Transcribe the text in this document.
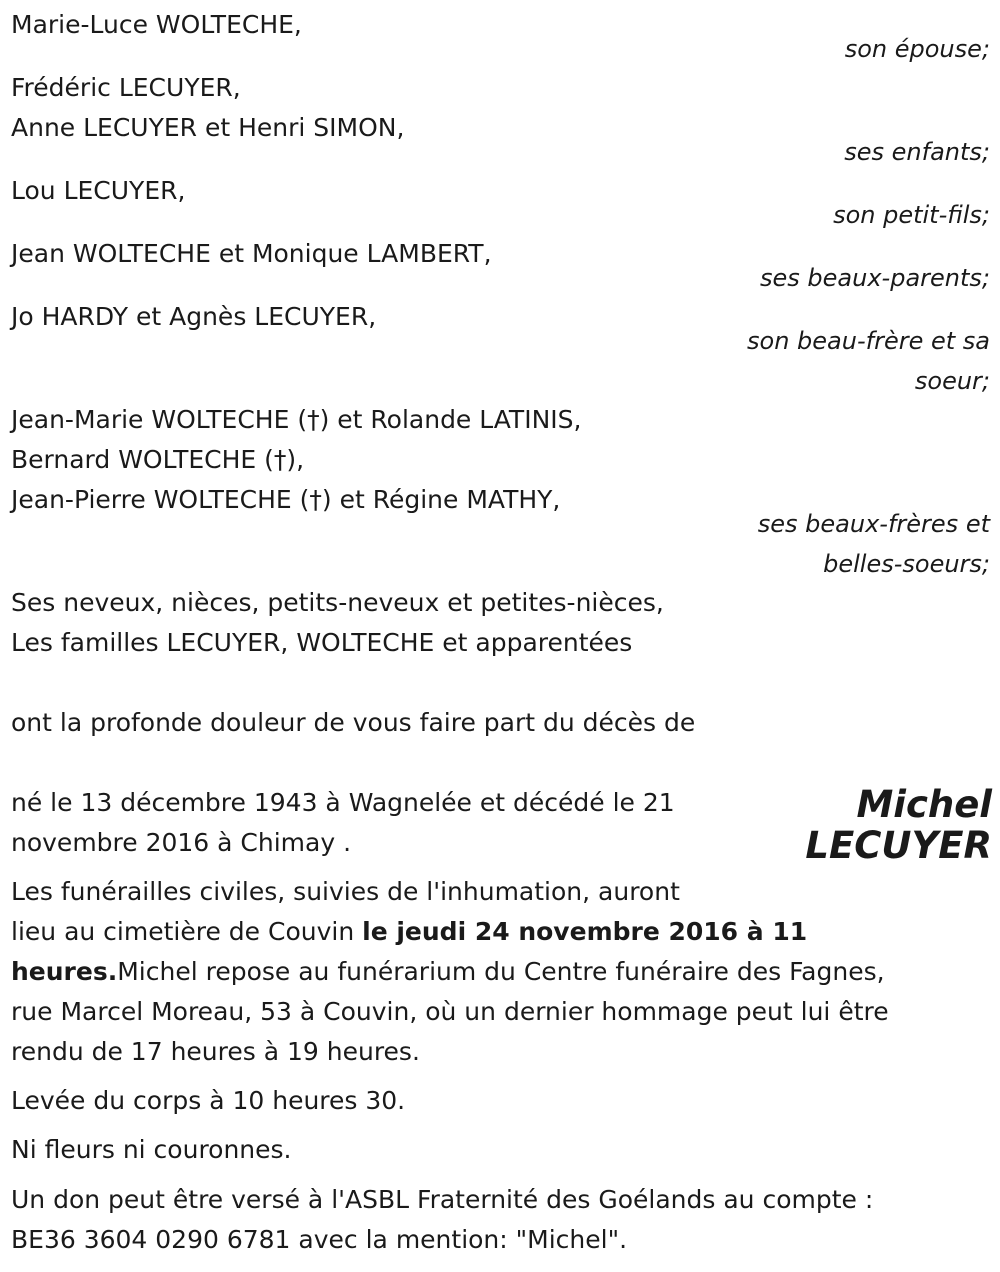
Marie-Luce WOLTECHE,
son épouse;
Frédéric LECUYER,
Anne LECUYER et Henri SIMON,
ses enfants;
Lou LECUYER,
son petit-fils;
Jean WOLTECHE et Monique LAMBERT,
ses beaux-parents;
Jo HARDY et Agnès LECUYER,
son beau-frère et sa
soeur;
Jean-Marie WOLTECHE (†) et Rolande LATINIS,
Bernard WOLTECHE (†),
Jean-Pierre WOLTECHE (†) et Régine MATHY,
ses beaux-frères et
belles-soeurs;
Ses neveux, nièces, petits-neveux et petites-nièces,
Les familles LECUYER, WOLTECHE et apparentées
ont la profonde douleur de vous faire part du décès de
Michel
LECUYER
né le 13 décembre 1943 à Wagnelée et décédé le 21
novembre 2016 à Chimay .
Les funérailles civiles, suivies de l'inhumation, auront
lieu au cimetière de Couvin le jeudi 24 novembre 2016 à 11
heures.Michel repose au funérarium du Centre funéraire des Fagnes,
rue Marcel Moreau, 53 à Couvin, où un dernier hommage peut lui être
rendu de 17 heures à 19 heures.
Levée du corps à 10 heures 30.
Ni fleurs ni couronnes.
Un don peut être versé à l'ASBL Fraternité des Goélands au compte :
BE36 3604 0290 6781 avec la mention: "Michel".
